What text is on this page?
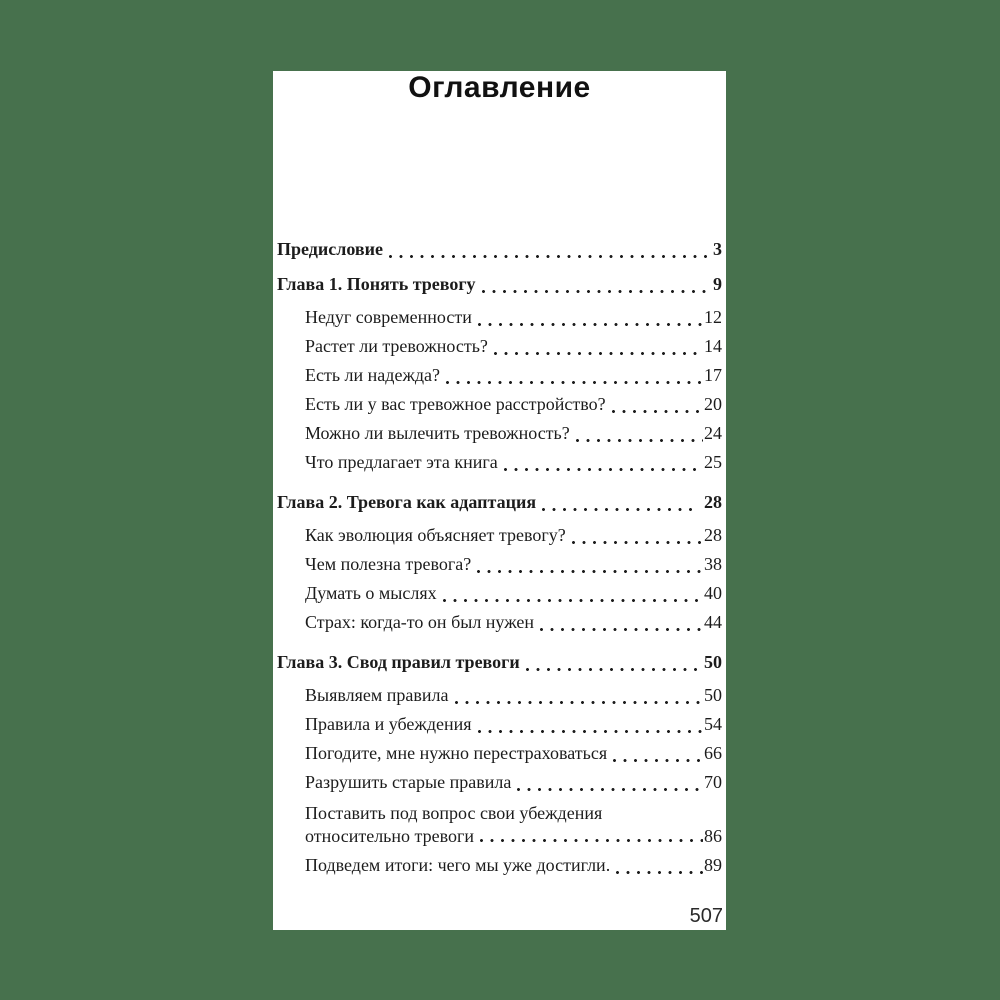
Оглавление
Предисловие	3
Глава 1. Понять тревогу	9
Недуг современности	12
Растет ли тревожность?	14
Есть ли надежда?	17
Есть ли у вас тревожное расстройство?	20
Можно ли вылечить тревожность?	24
Что предлагает эта книга	25
Глава 2. Тревога как адаптация	28
Как эволюция объясняет тревогу?	28
Чем полезна тревога?	38
Думать о мыслях	40
Страх: когда-то он был нужен	44
Глава 3. Свод правил тревоги	50
Выявляем правила	50
Правила и убеждения	54
Погодите, мне нужно перестраховаться	66
Разрушить старые правила	70
Поставить под вопрос свои убеждения
относительно тревоги	86
Подведем итоги: чего мы уже достигли.	89
507
